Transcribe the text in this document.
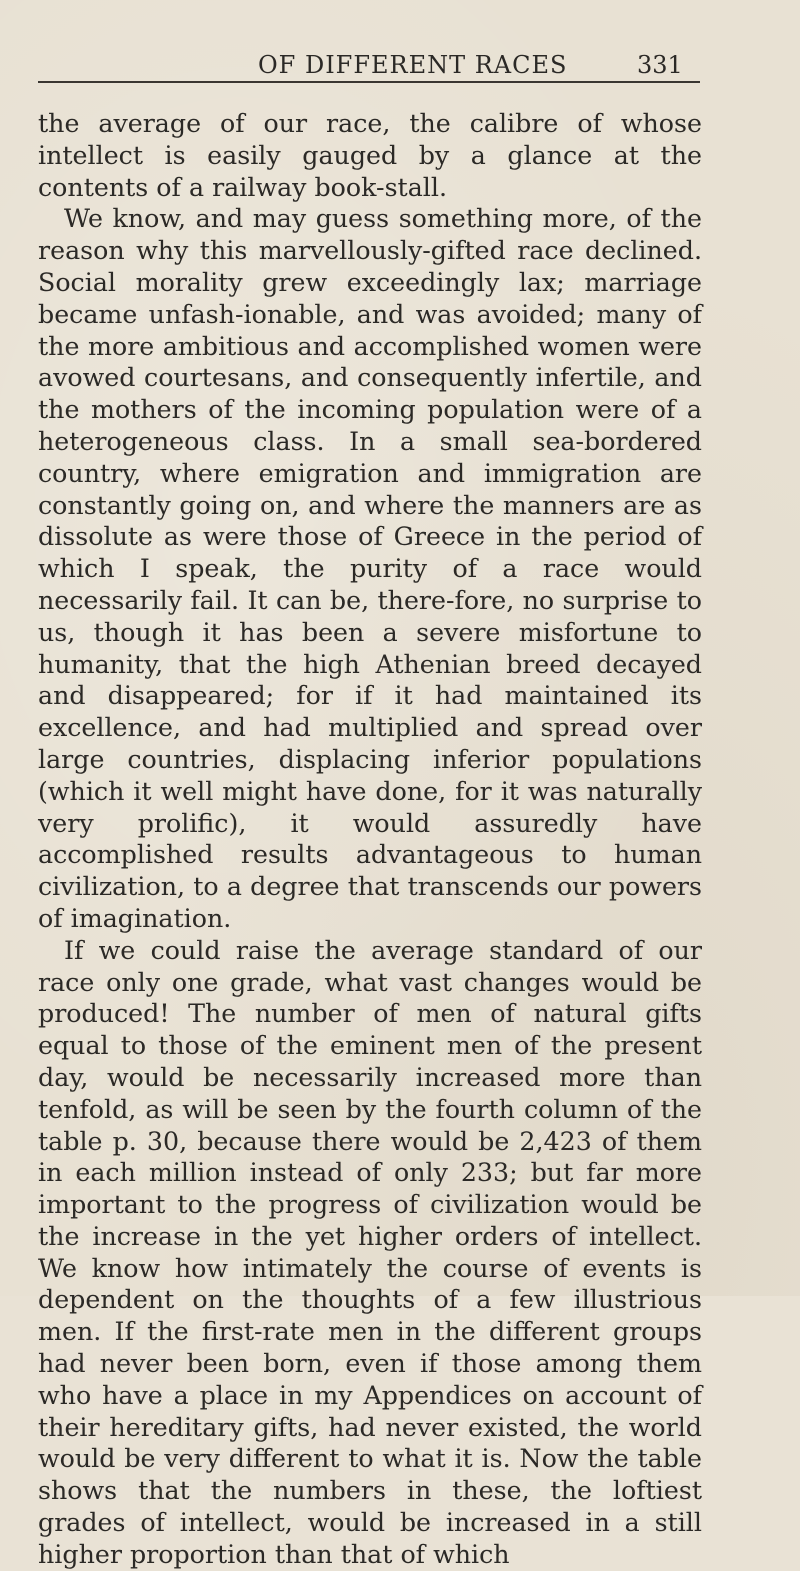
OF DIFFERENT RACES	331

the average of our race, the calibre of whose intellect is easily gauged by a glance at the contents of a railway book-stall.

We know, and may guess something more, of the reason why this marvellously-gifted race declined. Social morality grew exceedingly lax; marriage became unfash-ionable, and was avoided; many of the more ambitious and accomplished women were avowed courtesans, and consequently infertile, and the mothers of the incoming population were of a heterogeneous class. In a small sea-bordered country, where emigration and immigration are constantly going on, and where the manners are as dissolute as were those of Greece in the period of which I speak, the purity of a race would necessarily fail. It can be, there-fore, no surprise to us, though it has been a severe misfortune to humanity, that the high Athenian breed decayed and disappeared; for if it had maintained its excellence, and had multiplied and spread over large countries, displacing inferior populations (which it well might have done, for it was naturally very prolific), it would assuredly have accomplished results advantageous to human civilization, to a degree that transcends our powers of imagination.

If we could raise the average standard of our race only one grade, what vast changes would be produced! The number of men of natural gifts equal to those of the eminent men of the present day, would be necessarily increased more than tenfold, as will be seen by the fourth column of the table p. 30, because there would be 2,423 of them in each million instead of only 233; but far more important to the progress of civilization would be the increase in the yet higher orders of intellect. We know how intimately the course of events is dependent on the thoughts of a few illustrious men. If the first-rate men in the different groups had never been born, even if those among them who have a place in my Appendices on account of their hereditary gifts, had never existed, the world would be very different to what it is. Now the table shows that the numbers in these, the loftiest grades of intellect, would be increased in a still higher proportion than that of which
